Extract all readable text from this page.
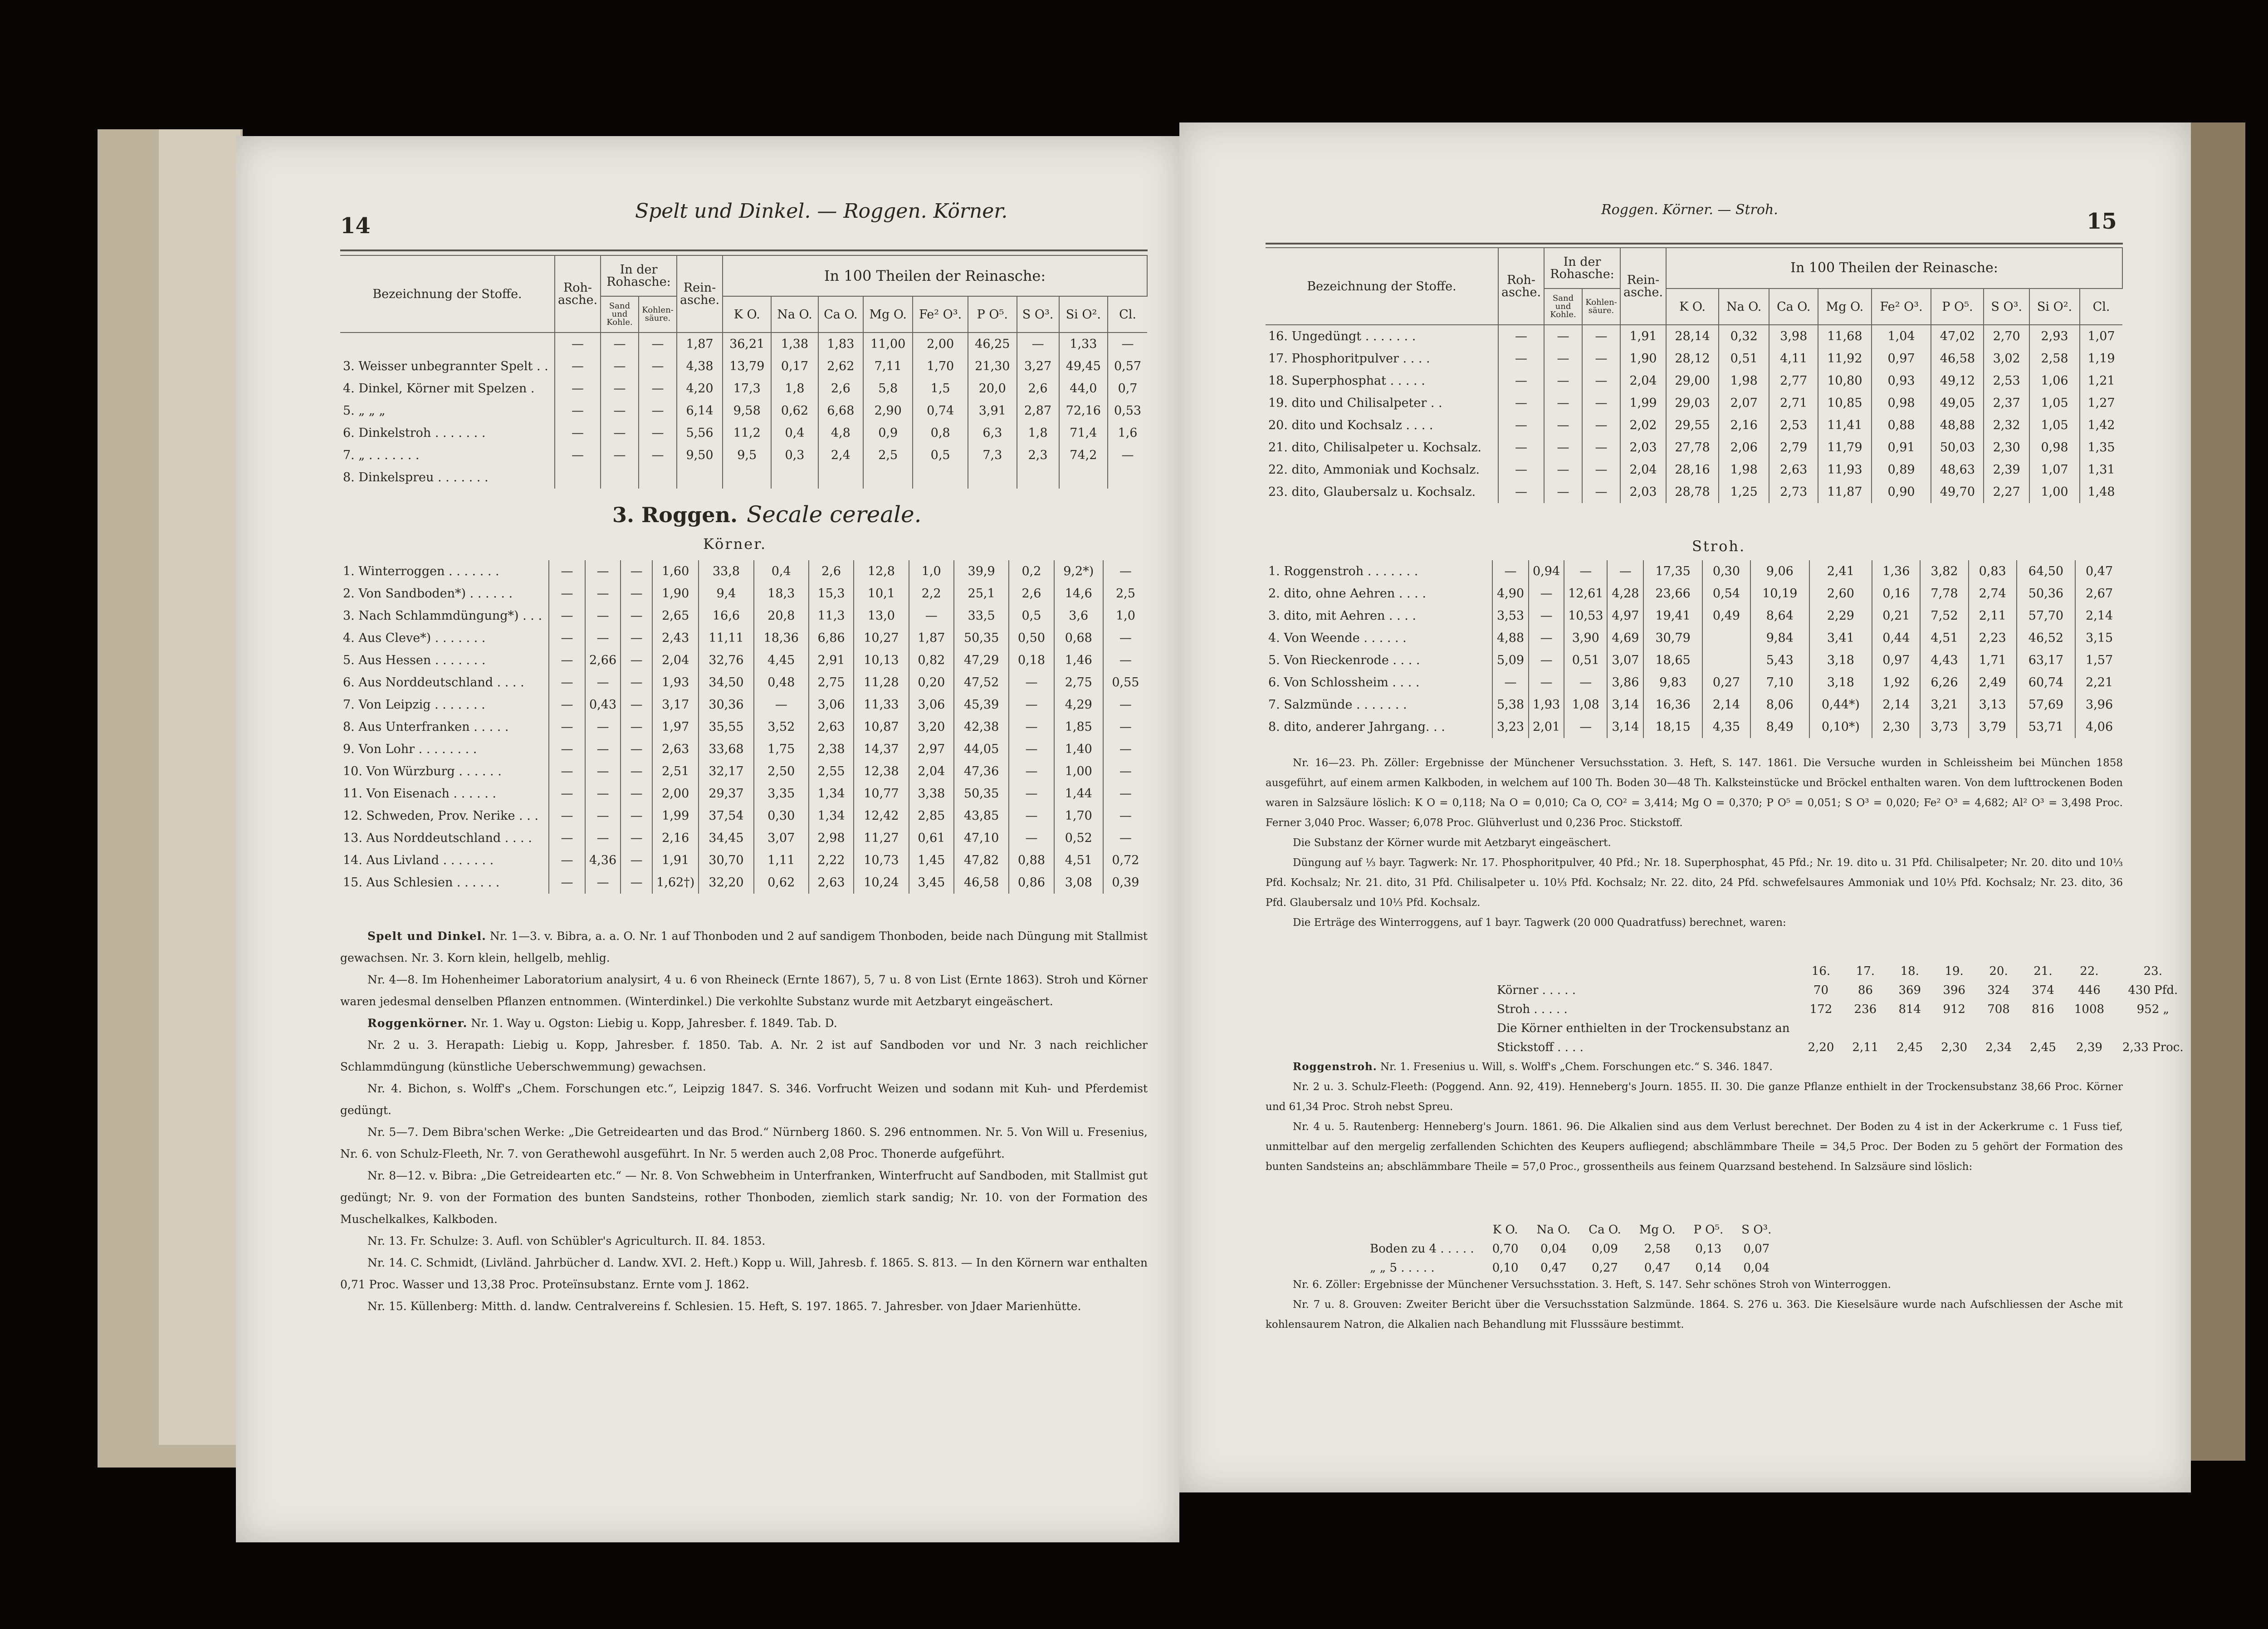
14
Spelt und Dinkel. — Roggen. Körner.
Bezeichnung der Stoffe.	Roh-asche.	In der Rohasche:		Rein-asche.	In 100 Theilen der Reinasche:								
		Sand und Kohle.	Kohlen-säure.		K O.	Na O.	Ca O.	Mg O.	Fe² O³.	P O⁵.	S O³.	Si O².	Cl.
	—	—	—	1,87	36,21	1,38	1,83	11,00	2,00	46,25	—	1,33	—
3. Weisser unbegrannter Spelt . .	—	—	—	4,38	13,79	0,17	2,62	7,11	1,70	21,30	3,27	49,45	0,57
4. Dinkel, Körner mit Spelzen .	—	—	—	4,20	17,3	1,8	2,6	5,8	1,5	20,0	2,6	44,0	0,7
5. „ „ „	—	—	—	6,14	9,58	0,62	6,68	2,90	0,74	3,91	2,87	72,16	0,53
6. Dinkelstroh . . . . . . .	—	—	—	5,56	11,2	0,4	4,8	0,9	0,8	6,3	1,8	71,4	1,6
7. „ . . . . . . .	—	—	—	9,50	9,5	0,3	2,4	2,5	0,5	7,3	2,3	74,2	—
8. Dinkelspreu . . . . . . .													
3. Roggen. Secale cereale.
Körner.
1. Winterroggen . . . . . . .	—	—	—	1,60	33,8	0,4	2,6	12,8	1,0	39,9	0,2	9,2*)	—
2. Von Sandboden*) . . . . . .	—	—	—	1,90	9,4	18,3	15,3	10,1	2,2	25,1	2,6	14,6	2,5
3. Nach Schlammdüngung*) . . .	—	—	—	2,65	16,6	20,8	11,3	13,0	—	33,5	0,5	3,6	1,0
4. Aus Cleve*) . . . . . . .	—	—	—	2,43	11,11	18,36	6,86	10,27	1,87	50,35	0,50	0,68	—
5. Aus Hessen . . . . . . .	—	2,66	—	2,04	32,76	4,45	2,91	10,13	0,82	47,29	0,18	1,46	—
6. Aus Norddeutschland . . . .	—	—	—	1,93	34,50	0,48	2,75	11,28	0,20	47,52	—	2,75	0,55
7. Von Leipzig . . . . . . .	—	0,43	—	3,17	30,36	—	3,06	11,33	3,06	45,39	—	4,29	—
8. Aus Unterfranken . . . . .	—	—	—	1,97	35,55	3,52	2,63	10,87	3,20	42,38	—	1,85	—
9. Von Lohr . . . . . . . .	—	—	—	2,63	33,68	1,75	2,38	14,37	2,97	44,05	—	1,40	—
10. Von Würzburg . . . . . .	—	—	—	2,51	32,17	2,50	2,55	12,38	2,04	47,36	—	1,00	—
11. Von Eisenach . . . . . .	—	—	—	2,00	29,37	3,35	1,34	10,77	3,38	50,35	—	1,44	—
12. Schweden, Prov. Nerike . . .	—	—	—	1,99	37,54	0,30	1,34	12,42	2,85	43,85	—	1,70	—
13. Aus Norddeutschland . . . .	—	—	—	2,16	34,45	3,07	2,98	11,27	0,61	47,10	—	0,52	—
14. Aus Livland . . . . . . .	—	4,36	—	1,91	30,70	1,11	2,22	10,73	1,45	47,82	0,88	4,51	0,72
15. Aus Schlesien . . . . . .	—	—	—	1,62†)	32,20	0,62	2,63	10,24	3,45	46,58	0,86	3,08	0,39

Spelt und Dinkel. Nr. 1—3. v. Bibra, a. a. O. Nr. 1 auf Thonboden und 2 auf sandigem Thonboden, beide nach Düngung mit Stallmist gewachsen. Nr. 3. Korn klein, hellgelb, mehlig.

Nr. 4—8. Im Hohenheimer Laboratorium analysirt, 4 u. 6 von Rheineck (Ernte 1867), 5, 7 u. 8 von List (Ernte 1863). Stroh und Körner waren jedesmal denselben Pflanzen entnommen. (Winterdinkel.) Die verkohlte Substanz wurde mit Aetzbaryt eingeäschert.

Roggenkörner. Nr. 1. Way u. Ogston: Liebig u. Kopp, Jahresber. f. 1849. Tab. D.

Nr. 2 u. 3. Herapath: Liebig u. Kopp, Jahresber. f. 1850. Tab. A. Nr. 2 ist auf Sandboden vor und Nr. 3 nach reichlicher Schlammdüngung (künstliche Ueberschwemmung) gewachsen.

Nr. 4. Bichon, s. Wolff's „Chem. Forschungen etc.“, Leipzig 1847. S. 346. Vorfrucht Weizen und sodann mit Kuh- und Pferdemist gedüngt.

Nr. 5—7. Dem Bibra'schen Werke: „Die Getreidearten und das Brod.“ Nürnberg 1860. S. 296 entnommen. Nr. 5. Von Will u. Fresenius, Nr. 6. von Schulz-Fleeth, Nr. 7. von Gerathewohl ausgeführt. In Nr. 5 werden auch 2,08 Proc. Thonerde aufgeführt.

Nr. 8—12. v. Bibra: „Die Getreidearten etc.“ — Nr. 8. Von Schwebheim in Unterfranken, Winterfrucht auf Sandboden, mit Stallmist gut gedüngt; Nr. 9. von der Formation des bunten Sandsteins, rother Thonboden, ziemlich stark sandig; Nr. 10. von der Formation des Muschelkalkes, Kalkboden.

Nr. 13. Fr. Schulze: 3. Aufl. von Schübler's Agriculturch. II. 84. 1853.

Nr. 14. C. Schmidt, (Livländ. Jahrbücher d. Landw. XVI. 2. Heft.) Kopp u. Will, Jahresb. f. 1865. S. 813. — In den Körnern war enthalten 0,71 Proc. Wasser und 13,38 Proc. Proteïnsubstanz. Ernte vom J. 1862.

Nr. 15. Küllenberg: Mitth. d. landw. Centralvereins f. Schlesien. 15. Heft, S. 197. 1865. 7. Jahresber. von Jdaer Marienhütte.

15
Roggen. Körner. — Stroh.
Bezeichnung der Stoffe.	Roh-asche.	In der Rohasche:		Rein-asche.	In 100 Theilen der Reinasche:								
		Sand und Kohle.	Kohlen-säure.		K O.	Na O.	Ca O.	Mg O.	Fe² O³.	P O⁵.	S O³.	Si O².	Cl.
16. Ungedüngt . . . . . . .	—	—	—	1,91	28,14	0,32	3,98	11,68	1,04	47,02	2,70	2,93	1,07
17. Phosphoritpulver . . . .	—	—	—	1,90	28,12	0,51	4,11	11,92	0,97	46,58	3,02	2,58	1,19
18. Superphosphat . . . . .	—	—	—	2,04	29,00	1,98	2,77	10,80	0,93	49,12	2,53	1,06	1,21
19. dito und Chilisalpeter . .	—	—	—	1,99	29,03	2,07	2,71	10,85	0,98	49,05	2,37	1,05	1,27
20. dito und Kochsalz . . . .	—	—	—	2,02	29,55	2,16	2,53	11,41	0,88	48,88	2,32	1,05	1,42
21. dito, Chilisalpeter u. Kochsalz.	—	—	—	2,03	27,78	2,06	2,79	11,79	0,91	50,03	2,30	0,98	1,35
22. dito, Ammoniak und Kochsalz.	—	—	—	2,04	28,16	1,98	2,63	11,93	0,89	48,63	2,39	1,07	1,31
23. dito, Glaubersalz u. Kochsalz.	—	—	—	2,03	28,78	1,25	2,73	11,87	0,90	49,70	2,27	1,00	1,48
Stroh.
1. Roggenstroh . . . . . . .	—	0,94	—	—	17,35	0,30	9,06	2,41	1,36	3,82	0,83	64,50	0,47
2. dito, ohne Aehren . . . .	4,90	—	12,61	4,28	23,66	0,54	10,19	2,60	0,16	7,78	2,74	50,36	2,67
3. dito, mit Aehren . . . .	3,53	—	10,53	4,97	19,41	0,49	8,64	2,29	0,21	7,52	2,11	57,70	2,14
4. Von Weende . . . . . .	4,88	—	3,90	4,69	30,79		9,84	3,41	0,44	4,51	2,23	46,52	3,15
5. Von Rieckenrode . . . .	5,09	—	0,51	3,07	18,65		5,43	3,18	0,97	4,43	1,71	63,17	1,57
6. Von Schlossheim . . . .	—	—	—	3,86	9,83	0,27	7,10	3,18	1,92	6,26	2,49	60,74	2,21
7. Salzmünde . . . . . . .	5,38	1,93	1,08	3,14	16,36	2,14	8,06	0,44*)	2,14	3,21	3,13	57,69	3,96
8. dito, anderer Jahrgang. . .	3,23	2,01	—	3,14	18,15	4,35	8,49	0,10*)	2,30	3,73	3,79	53,71	4,06

Nr. 16—23. Ph. Zöller: Ergebnisse der Münchener Versuchsstation. 3. Heft, S. 147. 1861. Die Versuche wurden in Schleissheim bei München 1858 ausgeführt, auf einem armen Kalkboden, in welchem auf 100 Th. Boden 30—48 Th. Kalksteinstücke und Bröckel enthalten waren. Von dem lufttrockenen Boden waren in Salzsäure löslich: K O = 0,118; Na O = 0,010; Ca O, CO² = 3,414; Mg O = 0,370; P O⁵ = 0,051; S O³ = 0,020; Fe² O³ = 4,682; Al² O³ = 3,498 Proc. Ferner 3,040 Proc. Wasser; 6,078 Proc. Glühverlust und 0,236 Proc. Stickstoff.

Die Substanz der Körner wurde mit Aetzbaryt eingeäschert.

Düngung auf ⅓ bayr. Tagwerk: Nr. 17. Phosphoritpulver, 40 Pfd.; Nr. 18. Superphosphat, 45 Pfd.; Nr. 19. dito u. 31 Pfd. Chilisalpeter; Nr. 20. dito und 10⅓ Pfd. Kochsalz; Nr. 21. dito, 31 Pfd. Chilisalpeter u. 10⅓ Pfd. Kochsalz; Nr. 22. dito, 24 Pfd. schwefelsaures Ammoniak und 10⅓ Pfd. Kochsalz; Nr. 23. dito, 36 Pfd. Glaubersalz und 10⅓ Pfd. Kochsalz.

Die Erträge des Winterroggens, auf 1 bayr. Tagwerk (20 000 Quadratfuss) berechnet, waren:

	16.	17.	18.	19.	20.	21.	22.	23.
Körner . . . . .	70	86	369	396	324	374	446	430 Pfd.
Stroh . . . . .	172	236	814	912	708	816	1008	952 „
Die Körner enthielten in der Trockensubstanz an								
Stickstoff . . . .	2,20	2,11	2,45	2,30	2,34	2,45	2,39	2,33 Proc.

Roggenstroh. Nr. 1. Fresenius u. Will, s. Wolff's „Chem. Forschungen etc.“ S. 346. 1847.

Nr. 2 u. 3. Schulz-Fleeth: (Poggend. Ann. 92, 419). Henneberg's Journ. 1855. II. 30. Die ganze Pflanze enthielt in der Trockensubstanz 38,66 Proc. Körner und 61,34 Proc. Stroh nebst Spreu.

Nr. 4 u. 5. Rautenberg: Henneberg's Journ. 1861. 96. Die Alkalien sind aus dem Verlust berechnet. Der Boden zu 4 ist in der Ackerkrume c. 1 Fuss tief, unmittelbar auf den mergelig zerfallenden Schichten des Keupers aufliegend; abschlämmbare Theile = 34,5 Proc. Der Boden zu 5 gehört der Formation des bunten Sandsteins an; abschlämmbare Theile = 57,0 Proc., grossentheils aus feinem Quarzsand bestehend. In Salzsäure sind löslich:

	K O.	Na O.	Ca O.	Mg O.	P O⁵.	S O³.
Boden zu 4 . . . . .	0,70	0,04	0,09	2,58	0,13	0,07
„ „ 5 . . . . .	0,10	0,47	0,27	0,47	0,14	0,04

Nr. 6. Zöller: Ergebnisse der Münchener Versuchsstation. 3. Heft, S. 147. Sehr schönes Stroh von Winterroggen.

Nr. 7 u. 8. Grouven: Zweiter Bericht über die Versuchsstation Salzmünde. 1864. S. 276 u. 363. Die Kieselsäure wurde nach Aufschliessen der Asche mit kohlensaurem Natron, die Alkalien nach Behandlung mit Flusssäure bestimmt.
